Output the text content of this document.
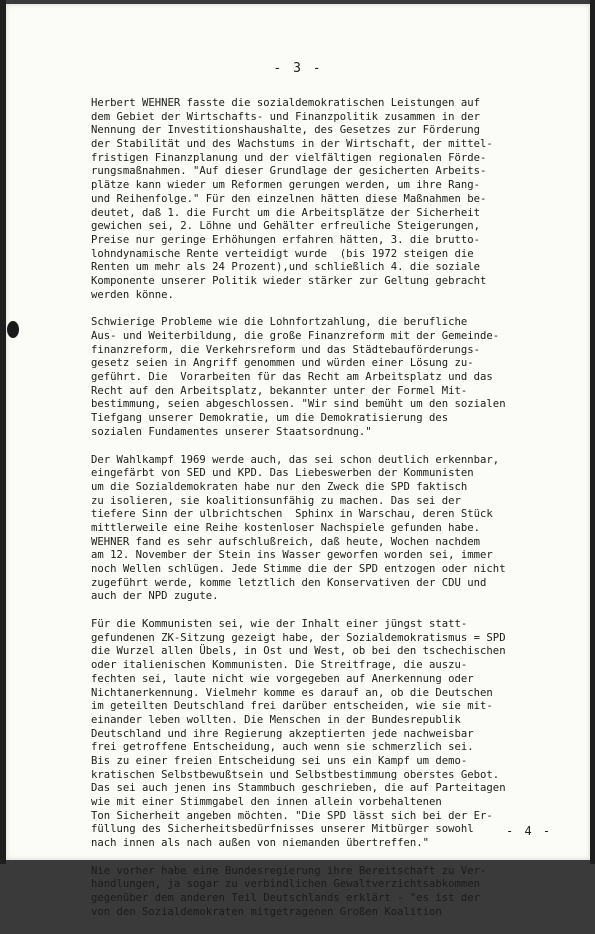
- 3 -
Herbert WEHNER fasste die sozialdemokratischen Leistungen auf
dem Gebiet der Wirtschafts- und Finanzpolitik zusammen in der
Nennung der Investitionshaushalte, des Gesetzes zur Förderung
der Stabilität und des Wachstums in der Wirtschaft, der mittel-
fristigen Finanzplanung und der vielfältigen regionalen Förde-
rungsmaßnahmen. "Auf dieser Grundlage der gesicherten Arbeits-
plätze kann wieder um Reformen gerungen werden, um ihre Rang-
und Reihenfolge." Für den einzelnen hätten diese Maßnahmen be-
deutet, daß 1. die Furcht um die Arbeitsplätze der Sicherheit
gewichen sei, 2. Löhne und Gehälter erfreuliche Steigerungen,
Preise nur geringe Erhöhungen erfahren hätten, 3. die brutto-
lohndynamische Rente verteidigt wurde  (bis 1972 steigen die
Renten um mehr als 24 Prozent),und schließlich 4. die soziale
Komponente unserer Politik wieder stärker zur Geltung gebracht
werden könne.
Schwierige Probleme wie die Lohnfortzahlung, die berufliche
Aus- und Weiterbildung, die große Finanzreform mit der Gemeinde-
finanzreform, die Verkehrsreform und das Städtebauförderungs-
gesetz seien in Angriff genommen und würden einer Lösung zu-
geführt. Die  Vorarbeiten für das Recht am Arbeitsplatz und das
Recht auf den Arbeitsplatz, bekannter unter der Formel Mit-
bestimmung, seien abgeschlossen. "Wir sind bemüht um den sozialen
Tiefgang unserer Demokratie, um die Demokratisierung des
sozialen Fundamentes unserer Staatsordnung."
Der Wahlkampf 1969 werde auch, das sei schon deutlich erkennbar,
eingefärbt von SED und KPD. Das Liebeswerben der Kommunisten
um die Sozialdemokraten habe nur den Zweck die SPD faktisch
zu isolieren, sie koalitionsunfähig zu machen. Das sei der
tiefere Sinn der ulbrichtschen  Sphinx in Warschau, deren Stück
mittlerweile eine Reihe kostenloser Nachspiele gefunden habe.
WEHNER fand es sehr aufschlußreich, daß heute, Wochen nachdem
am 12. November der Stein ins Wasser geworfen worden sei, immer
noch Wellen schlügen. Jede Stimme die der SPD entzogen oder nicht
zugeführt werde, komme letztlich den Konservativen der CDU und
auch der NPD zugute.
Für die Kommunisten sei, wie der Inhalt einer jüngst statt-
gefundenen ZK-Sitzung gezeigt habe, der Sozialdemokratismus = SPD
die Wurzel allen Übels, in Ost und West, ob bei den tschechischen
oder italienischen Kommunisten. Die Streitfrage, die auszu-
fechten sei, laute nicht wie vorgegeben auf Anerkennung oder
Nichtanerkennung. Vielmehr komme es darauf an, ob die Deutschen
im geteilten Deutschland frei darüber entscheiden, wie sie mit-
einander leben wollten. Die Menschen in der Bundesrepublik
Deutschland und ihre Regierung akzeptierten jede nachweisbar
frei getroffene Entscheidung, auch wenn sie schmerzlich sei.
Bis zu einer freien Entscheidung sei uns ein Kampf um demo-
kratischen Selbstbewußtsein und Selbstbestimmung oberstes Gebot.
Das sei auch jenen ins Stammbuch geschrieben, die auf Parteitagen
wie mit einer Stimmgabel den innen allein vorbehaltenen
Ton Sicherheit angeben möchten. "Die SPD lässt sich bei der Er-
füllung des Sicherheitsbedürfnisses unserer Mitbürger sowohl
nach innen als nach außen von niemanden übertreffen."
Nie vorher habe eine Bundesregierung ihre Bereitschaft zu Ver-
handlungen, ja sogar zu verbindlichen Gewaltverzichtsabkommen
gegenüber dem anderen Teil Deutschlands erklärt - "es ist der
von den Sozialdemokraten mitgetragenen Großen Koalition
- 4 -
